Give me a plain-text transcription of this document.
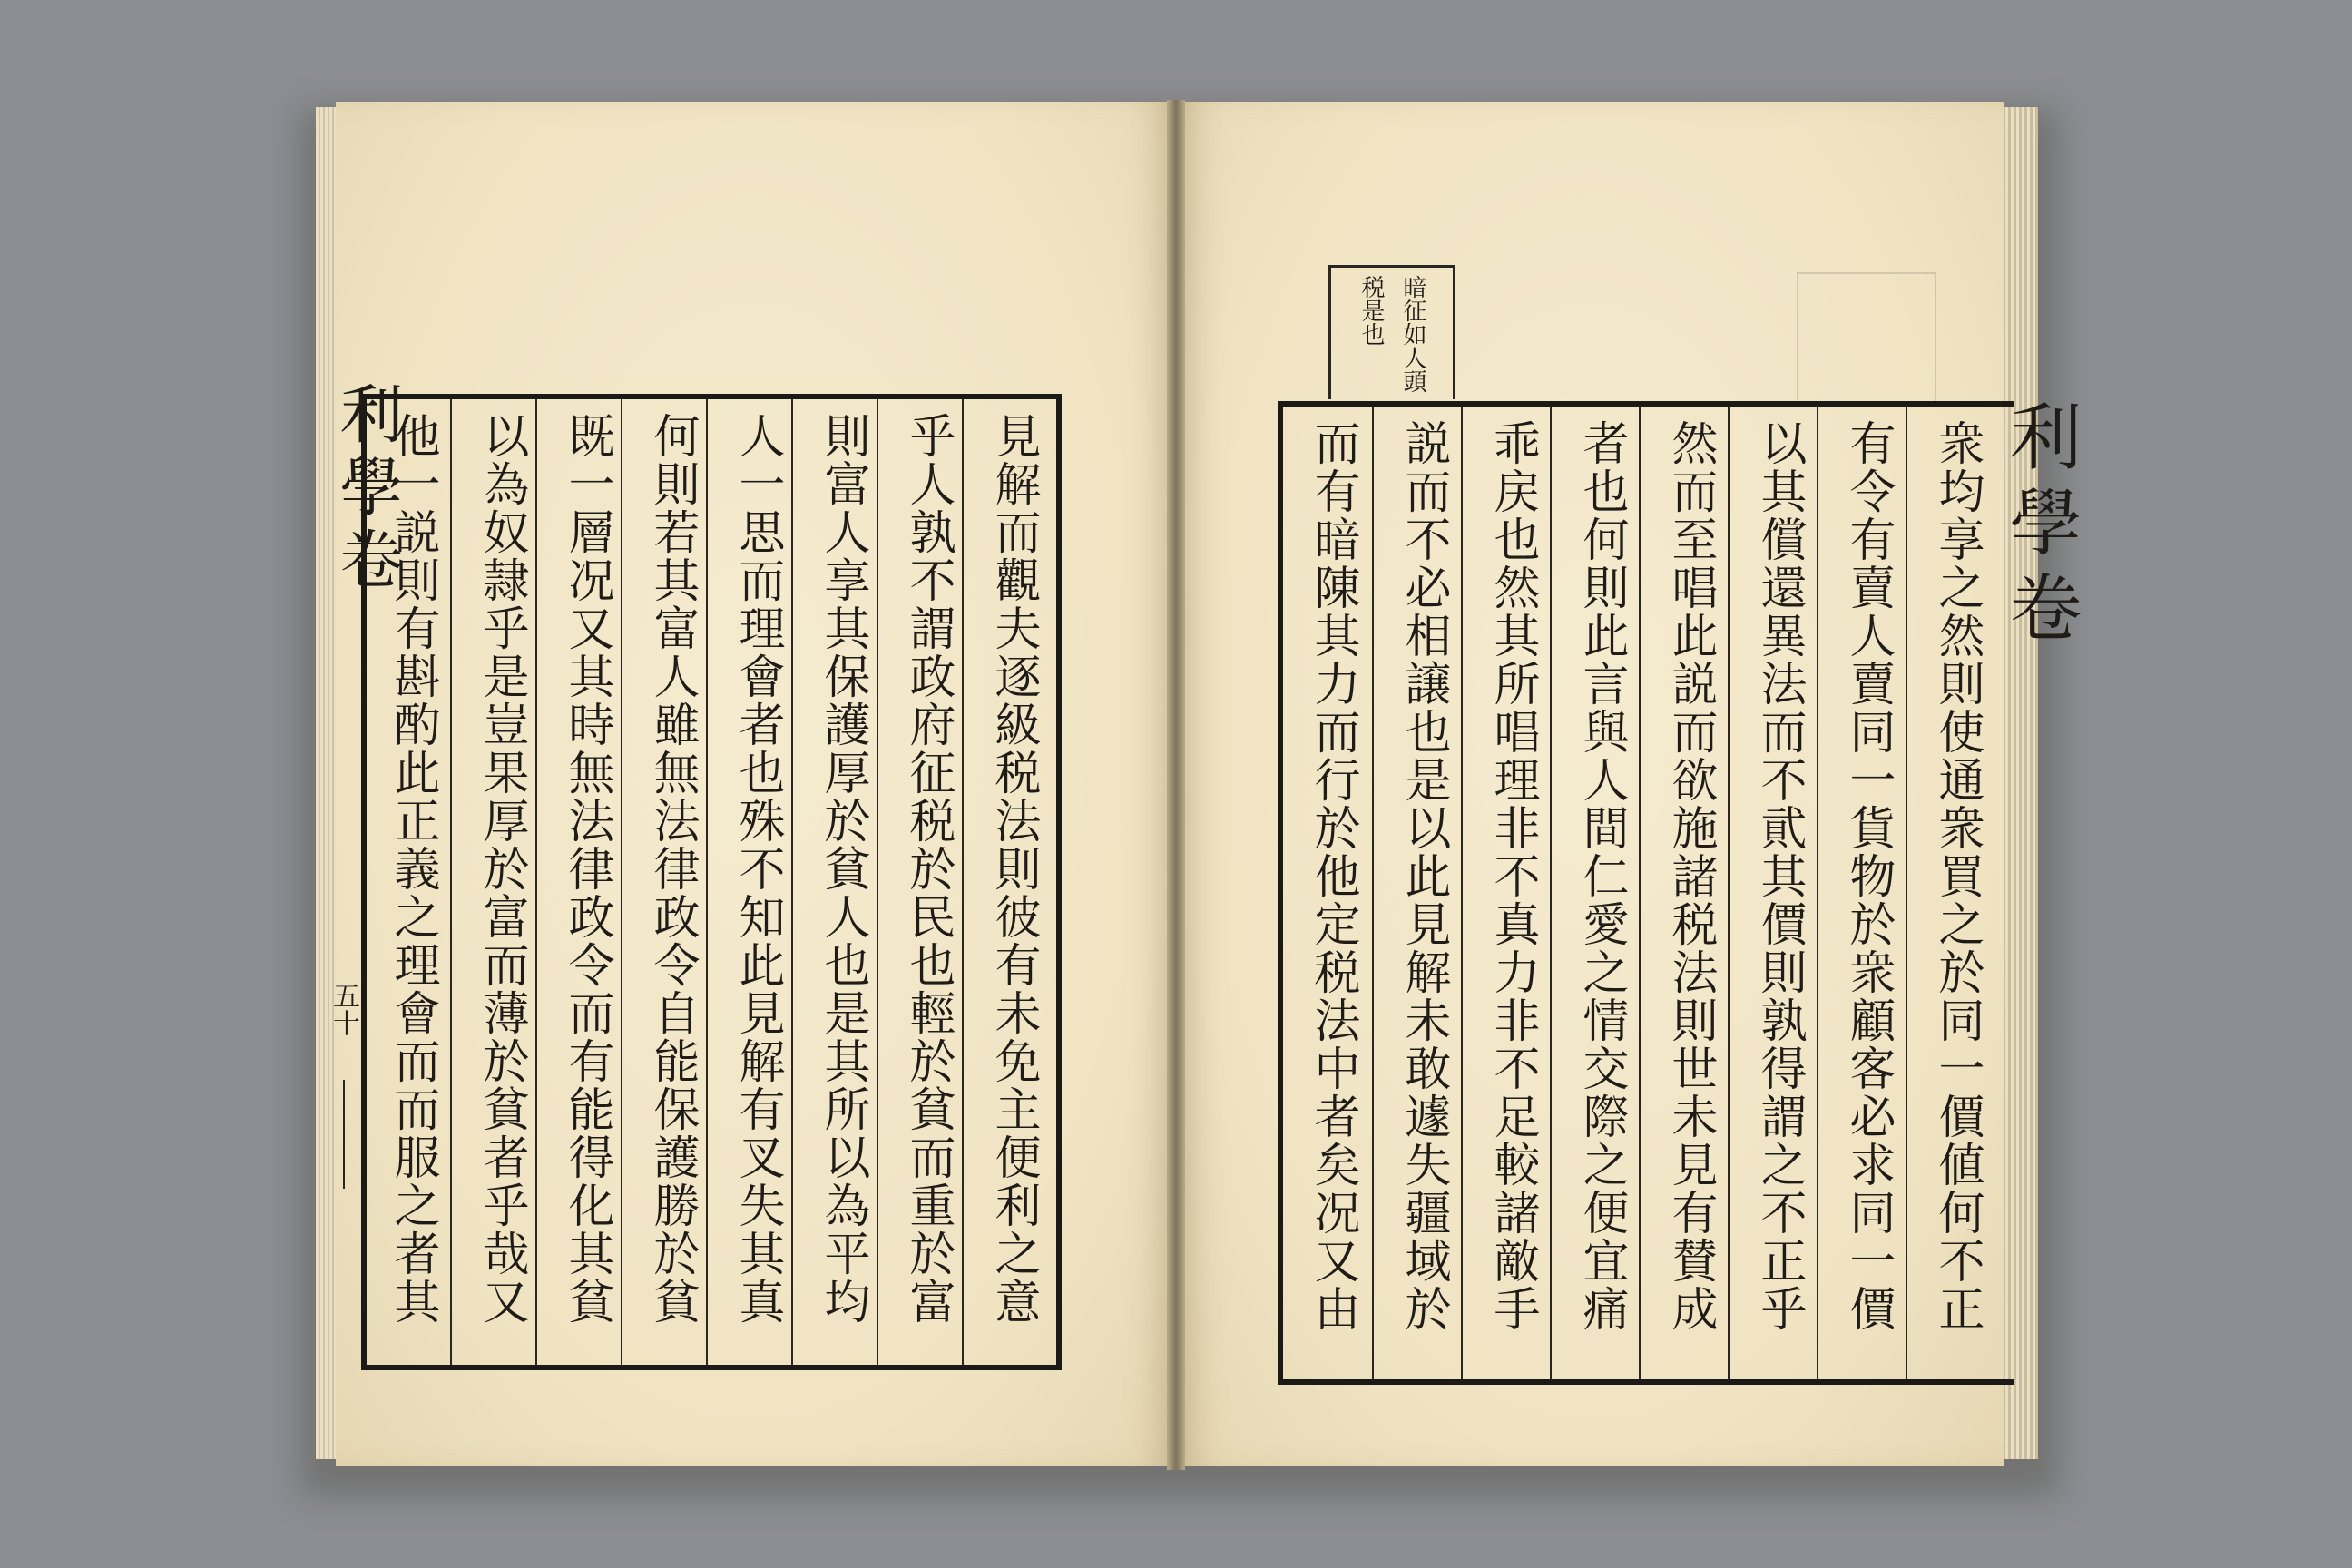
利學卷
五十
利學卷
見解而觀夫逐級税法則彼有未免主便利之意
乎人孰不謂政府征税於民也輕於貧而重於富
則富人享其保護厚於貧人也是其所以為平均
人一思而理會者也殊不知此見解有叉失其真
何則若其富人雖無法律政令自能保護勝於貧
既一層况又其時無法律政令而有能得化其貧
以為奴隷乎是豈果厚於富而薄於貧者乎哉又
他一説則有斟酌此正義之理會而而服之者其
暗征如人頭
税是也
衆均享之然則使通衆買之於同一價値何不正
有令有賣人賣同一貨物於衆顧客必求同一價
以其償還異法而不貮其價則孰得謂之不正乎
然而至唱此説而欲施諸税法則世未見有賛成
者也何則此言與人間仁愛之情交際之便宜痛
乖戻也然其所唱理非不真力非不足較諸敵手
説而不必相譲也是以此見解未敢遽失疆域於
而有暗陳其力而行於他定税法中者矣况又由
